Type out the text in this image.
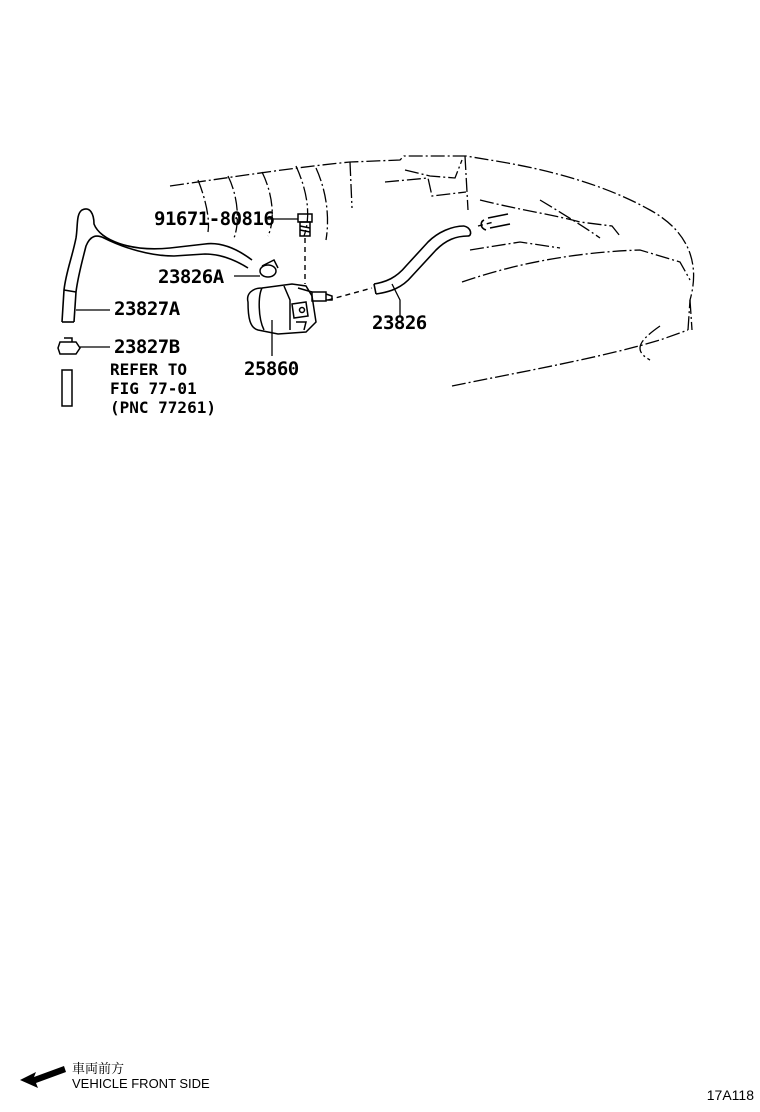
91671-80816
23826A
23827A
23827B
23826
25860
REFER TO
FIG 77-01
(PNC 77261)
車両前方
VEHICLE FRONT SIDE
17A118
